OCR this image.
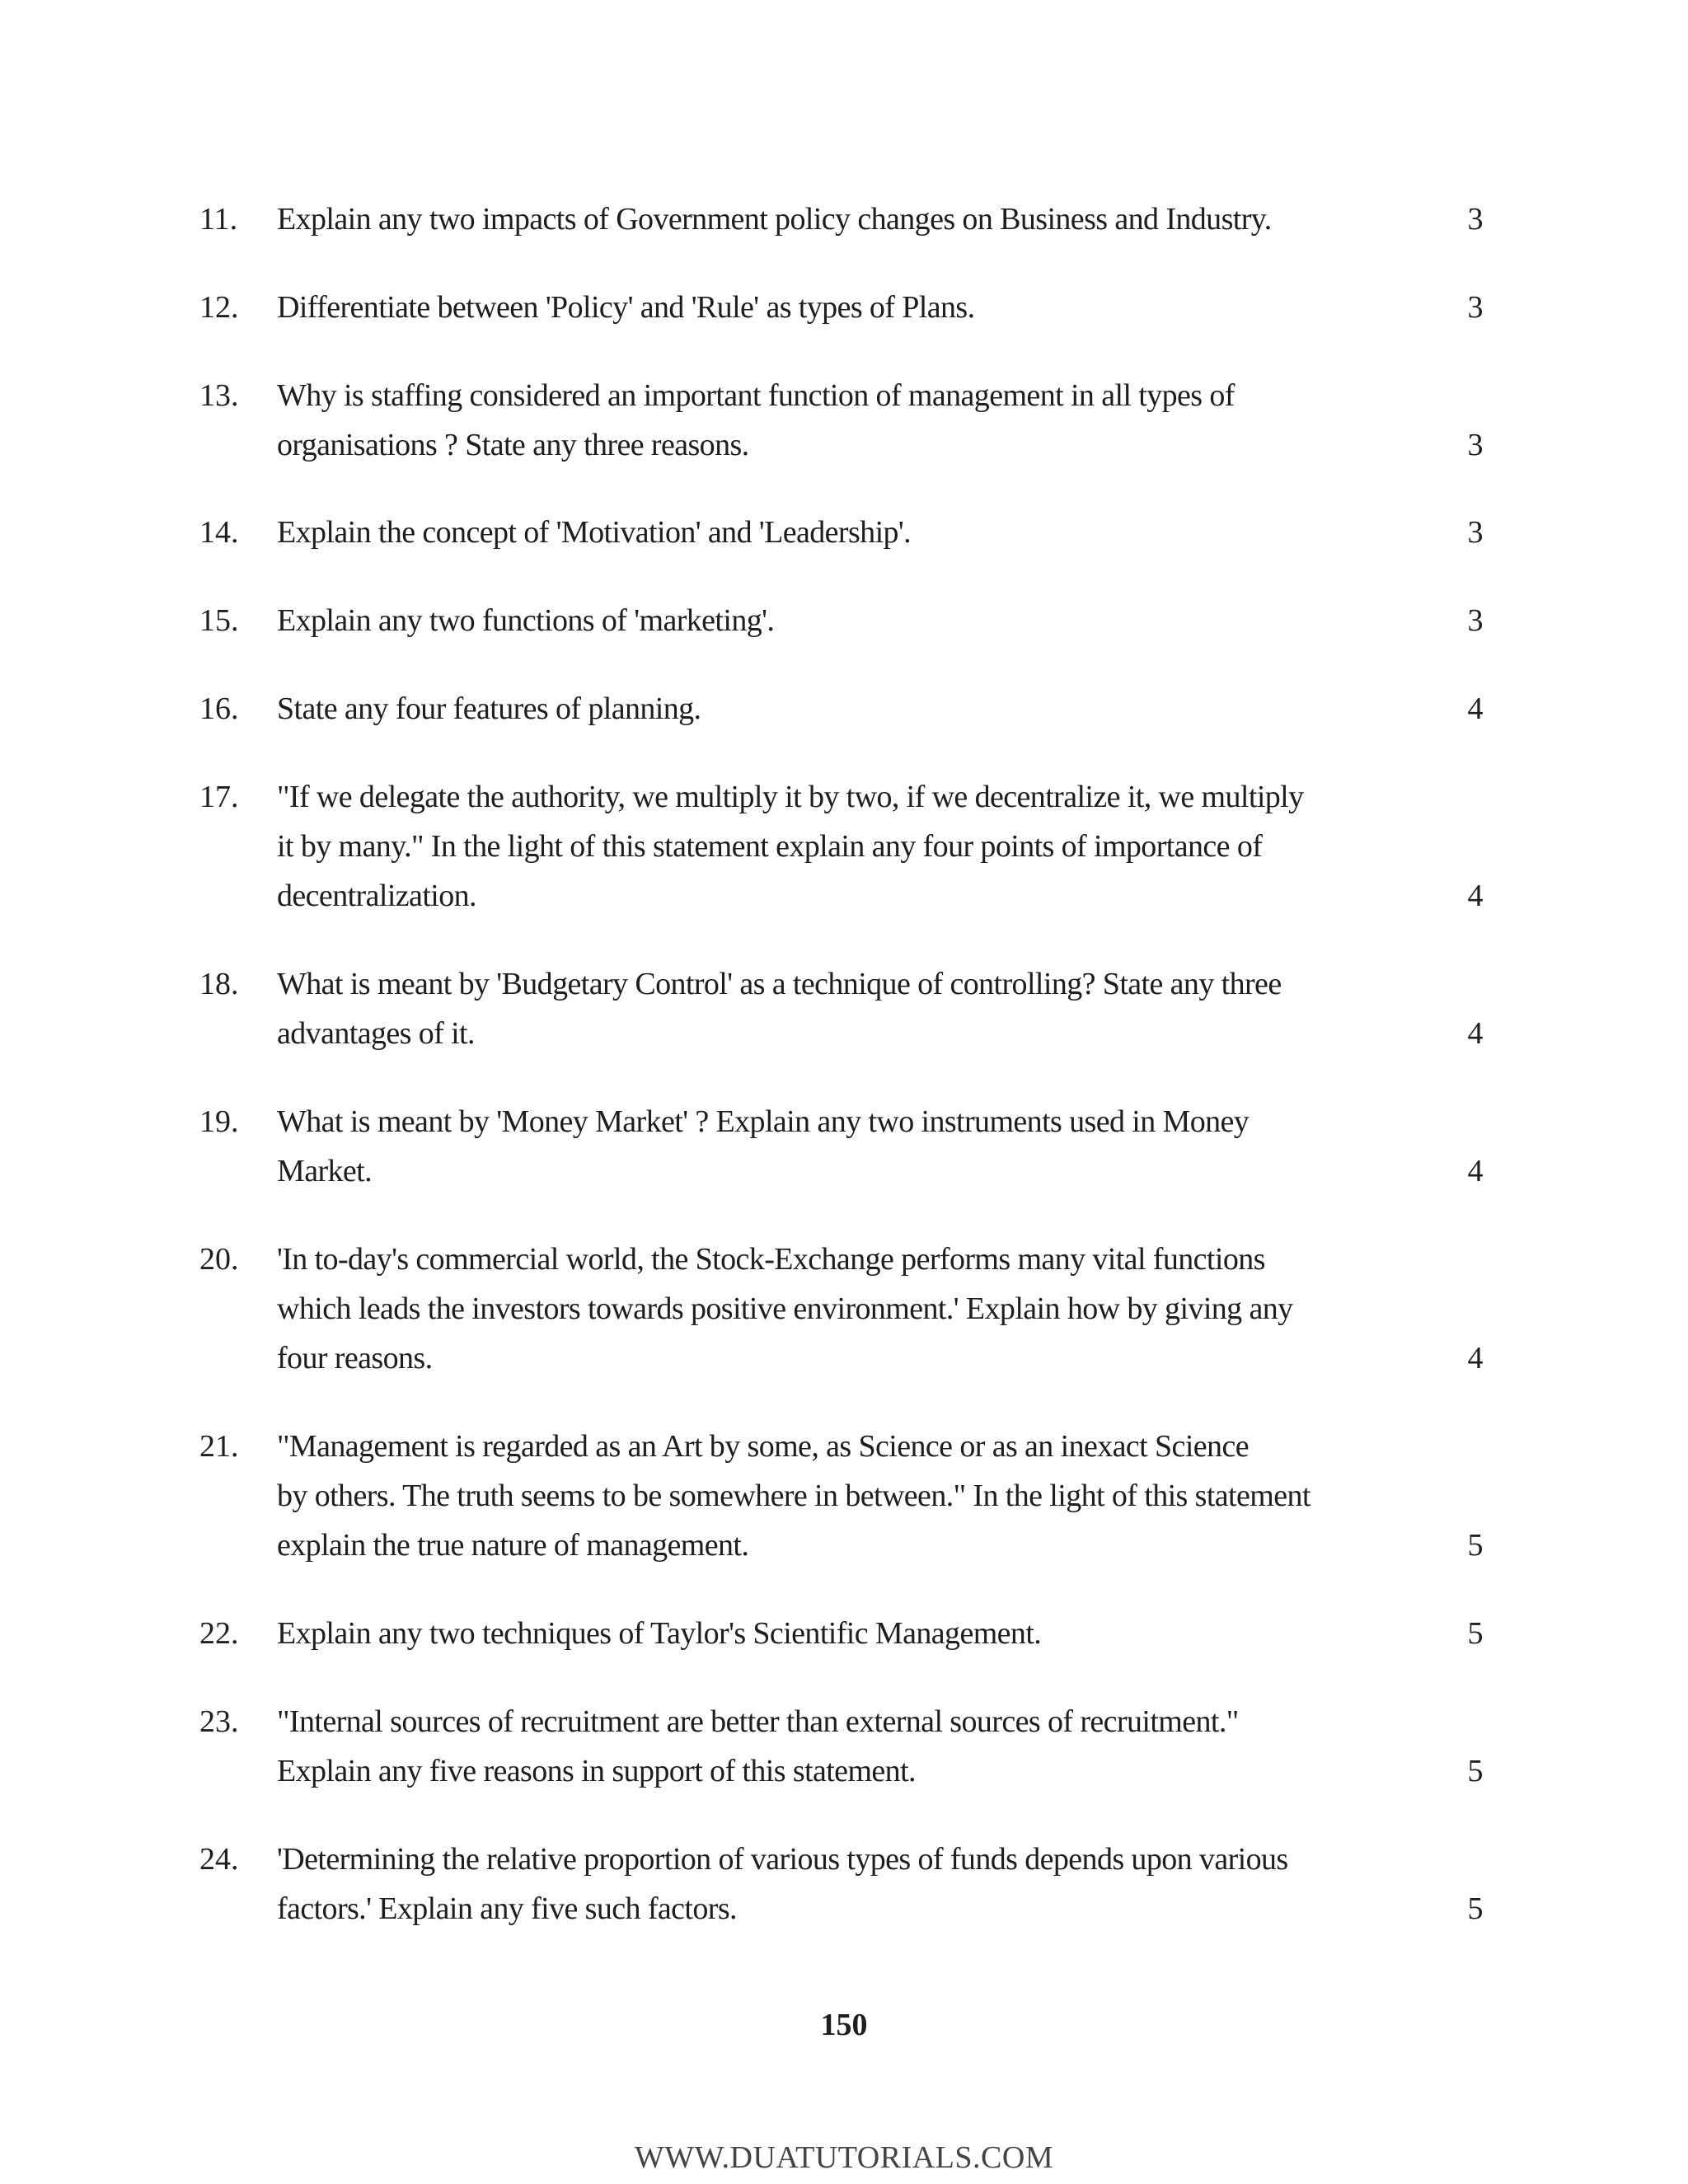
11. Explain any two impacts of Government policy changes on Business and Industry.	3
12. Differentiate between 'Policy' and 'Rule' as types of Plans.	3
13. Why is staffing considered an important function of management in all types of
organisations ? State any three reasons.	3
14. Explain the concept of 'Motivation' and 'Leadership'.	3
15. Explain any two functions of 'marketing'.	3
16. State any four features of planning.	4
17. "If we delegate the authority, we multiply it by two, if we decentralize it, we multiply
it by many." In the light of this statement explain any four points of importance of
decentralization.	4
18. What is meant by 'Budgetary Control' as a technique of controlling? State any three
advantages of it.	4
19. What is meant by 'Money Market' ? Explain any two instruments used in Money
Market.	4
20. 'In to-day's commercial world, the Stock-Exchange performs many vital functions
which leads the investors towards positive environment.' Explain how by giving any
four reasons.	4
21. "Management is regarded as an Art by some, as Science or as an inexact Science
by others. The truth seems to be somewhere in between." In the light of this statement
explain the true nature of management.	5
22. Explain any two techniques of Taylor's Scientific Management.	5
23. "Internal sources of recruitment are better than external sources of recruitment."
Explain any five reasons in support of this statement.	5
24. 'Determining the relative proportion of various types of funds depends upon various
factors.' Explain any five such factors.	5
150
WWW.DUATUTORIALS.COM
